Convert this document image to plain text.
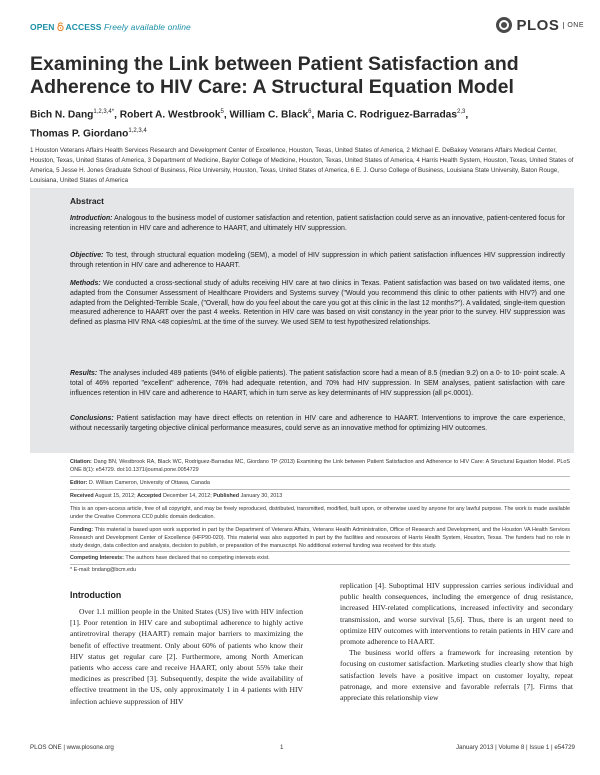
OPEN ACCESS Freely available online	PLOS	ONE
Examining the Link between Patient Satisfaction and Adherence to HIV Care: A Structural Equation Model
Bich N. Dang$^{1,2,3,4*}$, Robert A. Westbrook$^5$, William C. Black$^6$, Maria C. Rodriguez-Barradas$^{2,3}$,
Thomas P. Giordano$^{1,2,3,4}$

1 Houston Veterans Affairs Health Services Research and Development Center of Excellence, Houston, Texas, United States of America, 2 Michael E. DeBakey Veterans Affairs Medical Center, Houston, Texas, United States of America, 3 Department of Medicine, Baylor College of Medicine, Houston, Texas, United States of America, 4 Harris Health System, Houston, Texas, United States of America, 5 Jesse H. Jones Graduate School of Business, Rice University, Houston, Texas, United States of America, 6 E. J. Ourso College of Business, Louisiana State University, Baton Rouge, Louisiana, United States of America

Abstract

Introduction: Analogous to the business model of customer satisfaction and retention, patient satisfaction could serve as an innovative, patient-centered focus for increasing retention in HIV care and adherence to HAART, and ultimately HIV suppression.

Objective: To test, through structural equation modeling (SEM), a model of HIV suppression in which patient satisfaction influences HIV suppression indirectly through retention in HIV care and adherence to HAART.

Methods: We conducted a cross-sectional study of adults receiving HIV care at two clinics in Texas. Patient satisfaction was based on two validated items, one adapted from the Consumer Assessment of Healthcare Providers and Systems survey ("Would you recommend this clinic to other patients with HIV?) and one adapted from the Delighted-Terrible Scale, ("Overall, how do you feel about the care you got at this clinic in the last 12 months?"). A validated, single-item question measured adherence to HAART over the past 4 weeks. Retention in HIV care was based on visit constancy in the year prior to the survey. HIV suppression was defined as plasma HIV RNA <48 copies/mL at the time of the survey. We used SEM to test hypothesized relationships.

Results: The analyses included 489 patients (94% of eligible patients). The patient satisfaction score had a mean of 8.5 (median 9.2) on a 0- to 10- point scale. A total of 46% reported "excellent" adherence, 76% had adequate retention, and 70% had HIV suppression. In SEM analyses, patient satisfaction with care influences retention in HIV care and adherence to HAART, which in turn serve as key determinants of HIV suppression (all p<.0001).

Conclusions: Patient satisfaction may have direct effects on retention in HIV care and adherence to HAART. Interventions to improve the care experience, without necessarily targeting objective clinical performance measures, could serve as an innovative method for optimizing HIV outcomes.

Citation: Dang BN, Westbrook RA, Black WC, Rodriguez-Barradas MC, Giordano TP (2013) Examining the Link between Patient Satisfaction and Adherence to HIV Care: A Structural Equation Model. PLoS ONE 8(1): e54729. doi:10.1371/journal.pone.0054729

Editor: D. William Cameron, University of Ottawa, Canada

Received August 15, 2012; Accepted December 14, 2012; Published January 30, 2013

This is an open-access article, free of all copyright, and may be freely reproduced, distributed, transmitted, modified, built upon, or otherwise used by anyone for any lawful purpose. The work is made available under the Creative Commons CC0 public domain dedication.

Funding: This material is based upon work supported in part by the Department of Veterans Affairs, Veterans Health Administration, Office of Research and Development, and the Houston VA Health Services Research and Development Center of Excellence (HFP90-020). This material was also supported in part by the facilities and resources of Harris Health System, Houston, Texas. The funders had no role in study design, data collection and analysis, decision to publish, or preparation of the manuscript. No additional external funding was received for this study.

Competing Interests: The authors have declared that no competing interests exist.

* E-mail: bndang@bcm.edu

Introduction

Over 1.1 million people in the United States (US) live with HIV infection [1]. Poor retention in HIV care and suboptimal adherence to highly active antiretroviral therapy (HAART) remain major barriers to maximizing the benefit of effective treatment. Only about 60% of patients who know their HIV status get regular care [2]. Furthermore, among North American patients who access care and receive HAART, only about 55% take their medicines as prescribed [3]. Subsequently, despite the wide availability of effective treatment in the US, only approximately 1 in 4 patients with HIV infection achieve suppression of HIV

replication [4]. Suboptimal HIV suppression carries serious individual and public health consequences, including the emergence of drug resistance, increased HIV-related complications, increased infectivity and secondary transmission, and worse survival [5,6]. Thus, there is an urgent need to optimize HIV outcomes with interventions to retain patients in HIV care and promote adherence to HAART.

The business world offers a framework for increasing retention by focusing on customer satisfaction. Marketing studies clearly show that high satisfaction levels have a positive impact on customer loyalty, repeat patronage, and more extensive and favorable referrals [7]. Firms that appreciate this relationship view

PLOS ONE | www.plosone.org	1	January 2013 | Volume 8 | Issue 1 | e54729
